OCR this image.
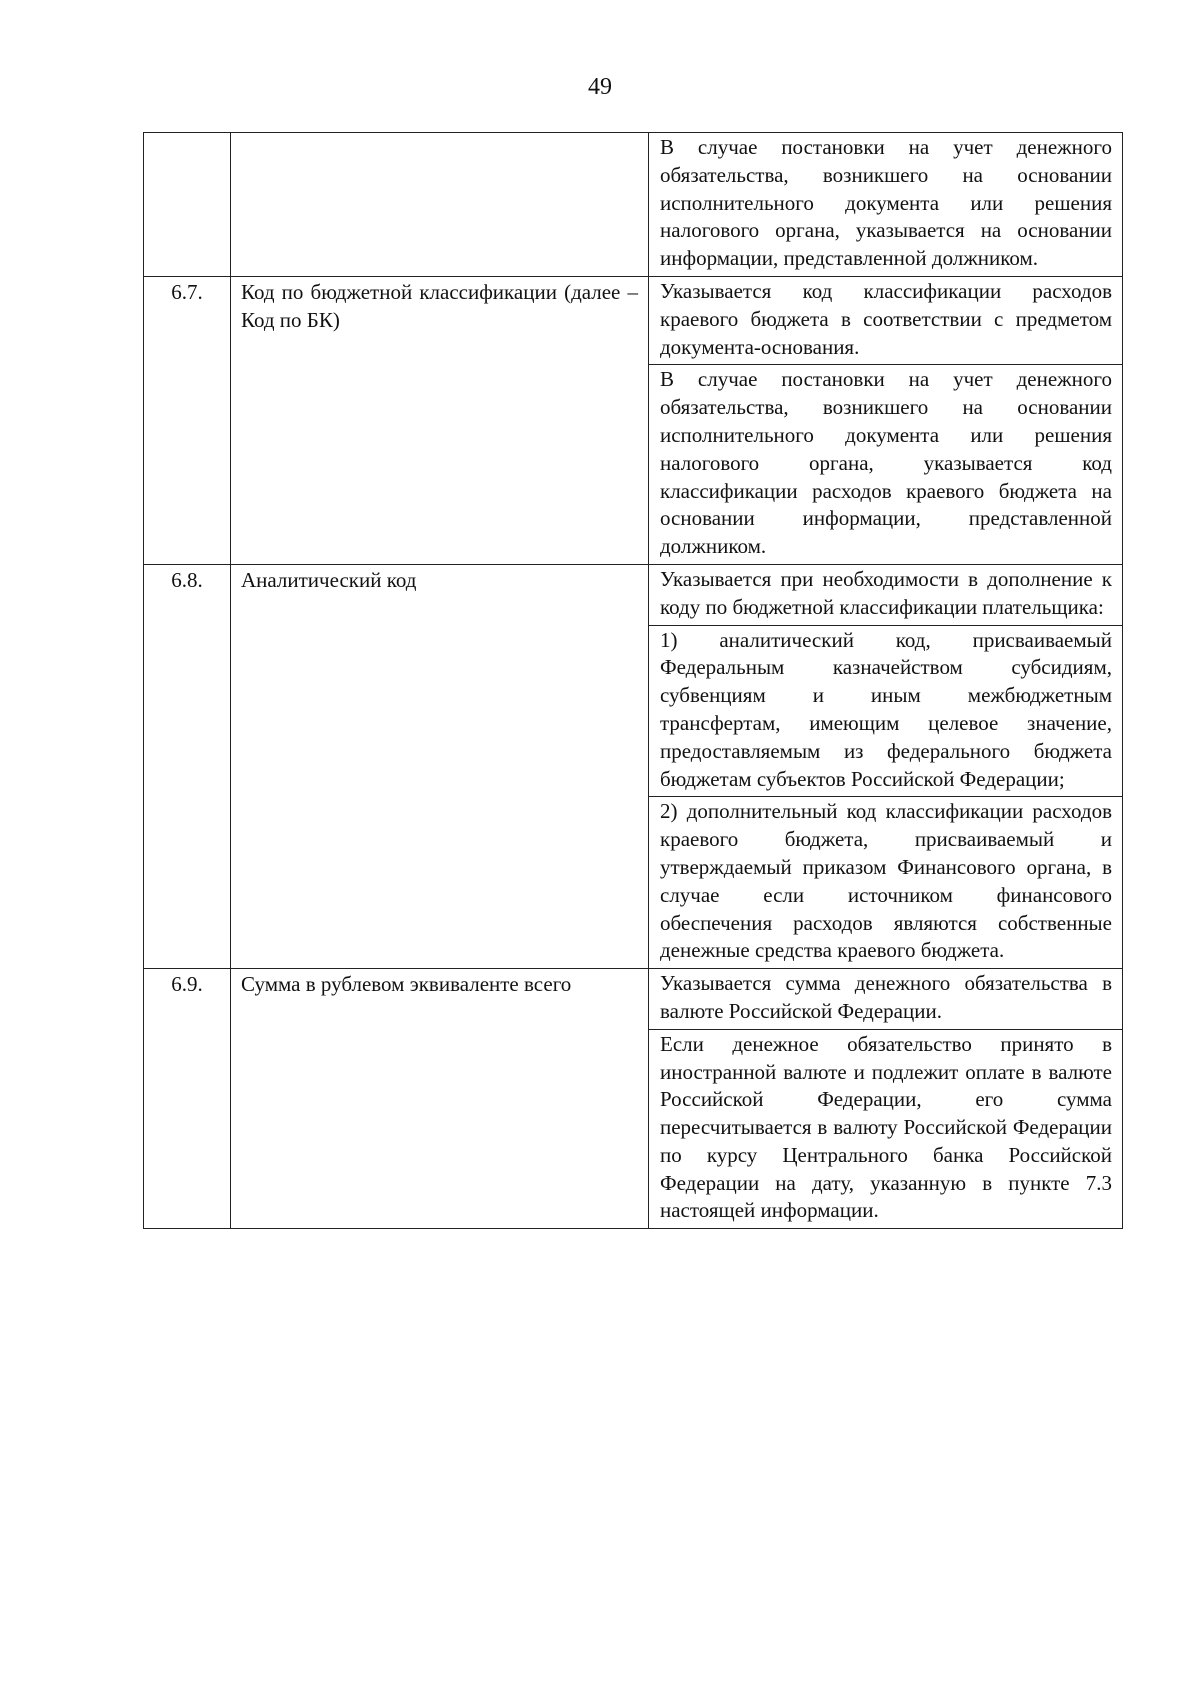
49
		В случае постановки на учет денежного обязательства, возникшего на основании исполнительного документа или решения налогового органа, указывается на основании информации, представленной должником.
6.7.	Код по бюджетной классификации (далее – Код по БК)	Указывается код классификации расходов краевого бюджета в соответствии с предметом документа-основания.
		В случае постановки на учет денежного обязательства, возникшего на основании исполнительного документа или решения налогового органа, указывается код классификации расходов краевого бюджета на основании информации, представленной должником.
6.8.	Аналитический код	Указывается при необходимости в дополнение к коду по бюджетной классификации плательщика:
		1) аналитический код, присваиваемый Федеральным казначейством субсидиям, субвенциям и иным межбюджетным трансфертам, имеющим целевое значение, предоставляемым из федерального бюджета бюджетам субъектов Российской Федерации;
		2) дополнительный код классификации расходов краевого бюджета, присваиваемый и утверждаемый приказом Финансового органа, в случае если источником финансового обеспечения расходов являются собственные денежные средства краевого бюджета.
6.9.	Сумма в рублевом эквиваленте всего	Указывается сумма денежного обязательства в валюте Российской Федерации.
		Если денежное обязательство принято в иностранной валюте и подлежит оплате в валюте Российской Федерации, его сумма пересчитывается в валюту Российской Федерации по курсу Центрального банка Российской Федерации на дату, указанную в пункте 7.3 настоящей информации.
